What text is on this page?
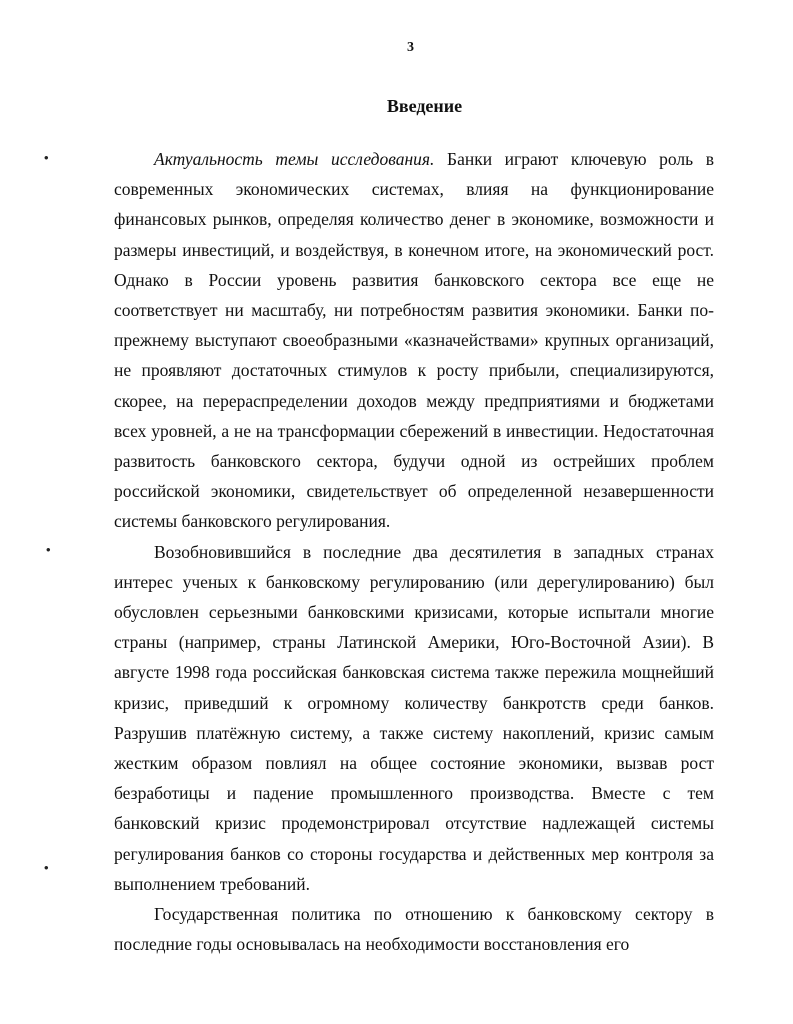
3
Введение

Актуальность темы исследования. Банки играют ключевую роль в современных экономических системах, влияя на функционирование финансовых рынков, определяя количество денег в экономике, возможности и размеры инвестиций, и воздействуя, в конечном итоге, на экономический рост. Однако в России уровень развития банковского сектора все еще не соответствует ни масштабу, ни потребностям развития экономики. Банки по-прежнему выступают своеобразными «казначействами» крупных организаций, не проявляют достаточных стимулов к росту прибыли, специализируются, скорее, на перераспределении доходов между предприятиями и бюджетами всех уровней, а не на трансформации сбережений в инвестиции. Недостаточная развитость банковского сектора, будучи одной из острейших проблем российской экономики, свидетельствует об определенной незавершенности системы банковского регулирования.

Возобновившийся в последние два десятилетия в западных странах интерес ученых к банковскому регулированию (или дерегулированию) был обусловлен серьезными банковскими кризисами, которые испытали многие страны (например, страны Латинской Америки, Юго-Восточной Азии). В августе 1998 года российская банковская система также пережила мощнейший кризис, приведший к огромному количеству банкротств среди банков. Разрушив платёжную систему, а также систему накоплений, кризис самым жестким образом повлиял на общее состояние экономики, вызвав рост безработицы и падение промышленного производства. Вместе с тем банковский кризис продемонстрировал отсутствие надлежащей системы регулирования банков со стороны государства и действенных мер контроля за выполнением требований.

Государственная политика по отношению к банковскому сектору в последние годы основывалась на необходимости восстановления его

•
•
•
